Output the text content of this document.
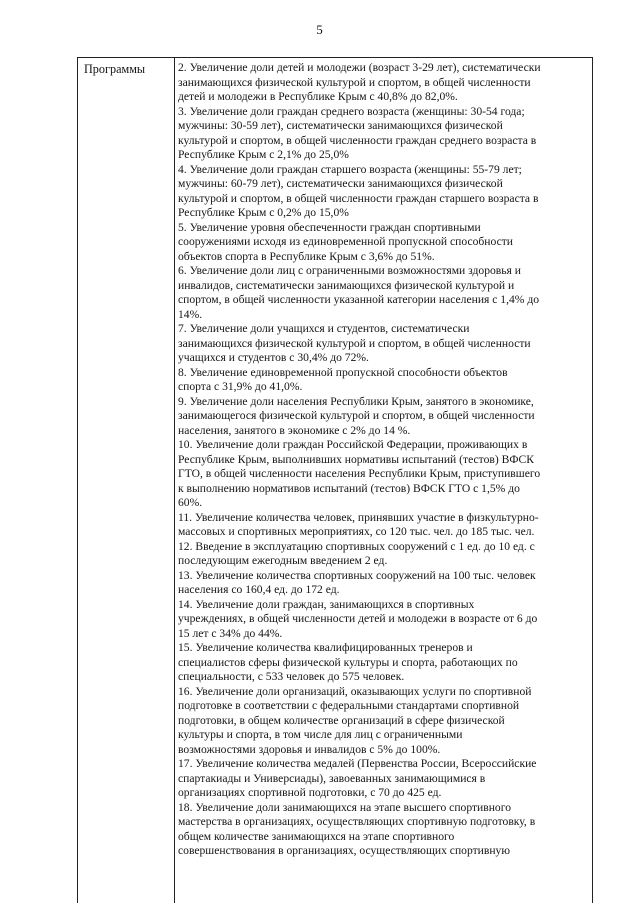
5
Программы	2. Увеличение доли детей и молодежи (возраст 3-29 лет), систематически
занимающихся физической культурой и спортом, в общей численности
детей и молодежи в Республике Крым с 40,8% до 82,0%.
3. Увеличение доли граждан среднего возраста (женщины: 30-54 года;
мужчины: 30-59 лет), систематически занимающихся физической
культурой и спортом, в общей численности граждан среднего возраста в
Республике Крым с 2,1% до 25,0%
4. Увеличение доли граждан старшего возраста (женщины: 55-79 лет;
мужчины: 60-79 лет), систематически занимающихся физической
культурой и спортом, в общей численности граждан старшего возраста в
Республике Крым с 0,2% до 15,0%
5. Увеличение уровня обеспеченности граждан спортивными
сооружениями исходя из единовременной пропускной способности
объектов спорта в Республике Крым с 3,6% до 51%.
6. Увеличение доли лиц с ограниченными возможностями здоровья и
инвалидов, систематически занимающихся физической культурой и
спортом, в общей численности указанной категории населения с 1,4% до
14%.
7. Увеличение доли учащихся и студентов, систематически
занимающихся физической культурой и спортом, в общей численности
учащихся и студентов с 30,4% до 72%.
8. Увеличение единовременной пропускной способности объектов
спорта с 31,9% до 41,0%.
9. Увеличение доли населения Республики Крым, занятого в экономике,
занимающегося физической культурой и спортом, в общей численности
населения, занятого в экономике с 2% до 14 %.
10. Увеличение доли граждан Российской Федерации, проживающих в
Республике Крым, выполнивших нормативы испытаний (тестов) ВФСК
ГТО, в общей численности населения Республики Крым, приступившего
к выполнению нормативов испытаний (тестов) ВФСК ГТО с 1,5% до
60%.
11. Увеличение количества человек, принявших участие в физкультурно-
массовых и спортивных мероприятиях, со 120 тыс. чел. до 185 тыс. чел.
12. Введение в эксплуатацию спортивных сооружений с 1 ед. до 10 ед. с
последующим ежегодным введением 2 ед.
13. Увеличение количества спортивных сооружений на 100 тыс. человек
населения со 160,4 ед. до 172 ед.
14. Увеличение доли граждан, занимающихся в спортивных
учреждениях, в общей численности детей и молодежи в возрасте от 6 до
15 лет с 34% до 44%.
15. Увеличение количества квалифицированных тренеров и
специалистов сферы физической культуры и спорта, работающих по
специальности, с 533 человек до 575 человек.
16. Увеличение доли организаций, оказывающих услуги по спортивной
подготовке в соответствии с федеральными стандартами спортивной
подготовки, в общем количестве организаций в сфере физической
культуры и спорта, в том числе для лиц с ограниченными
возможностями здоровья и инвалидов с 5% до 100%.
17. Увеличение количества медалей (Первенства России, Всероссийские
спартакиады и Универсиады), завоеванных занимающимися в
организациях спортивной подготовки, с 70 до 425 ед.
18. Увеличение доли занимающихся на этапе высшего спортивного
мастерства в организациях, осуществляющих спортивную подготовку, в
общем количестве занимающихся на этапе спортивного
совершенствования в организациях, осуществляющих спортивную
